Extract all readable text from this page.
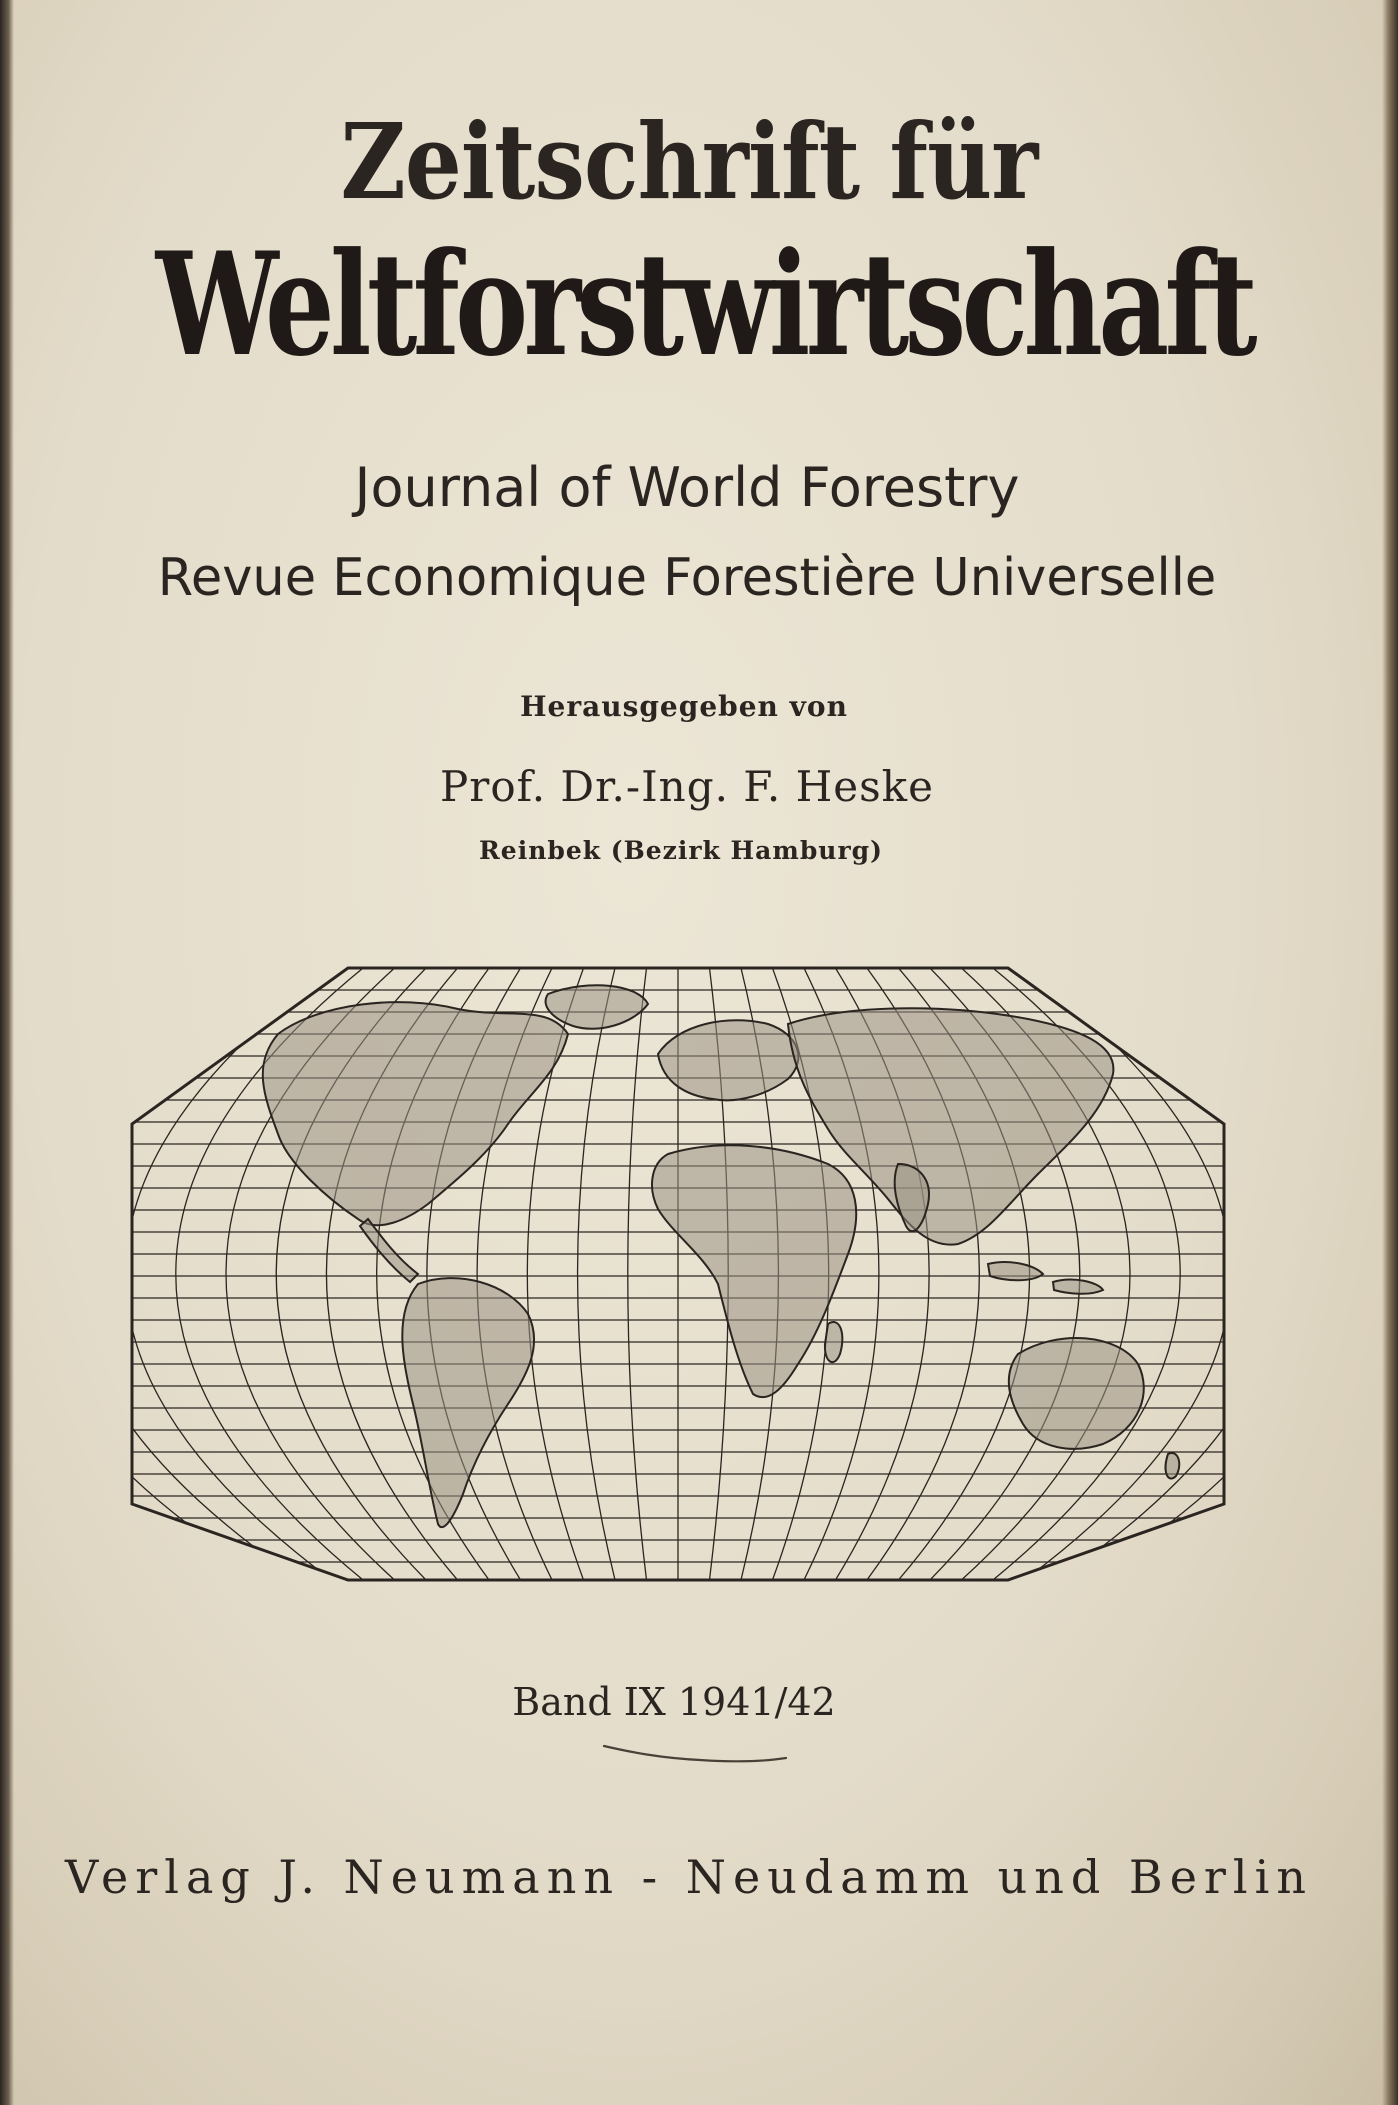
Zeitschrift für
Weltforstwirtschaft
Journal of World Forestry
Revue Economique Forestière Universelle
Herausgegeben von
Prof. Dr.-Ing. F. Heske
Reinbek (Bezirk Hamburg)
Band IX 1941/42
Verlag J. Neumann - Neudamm und Berlin
